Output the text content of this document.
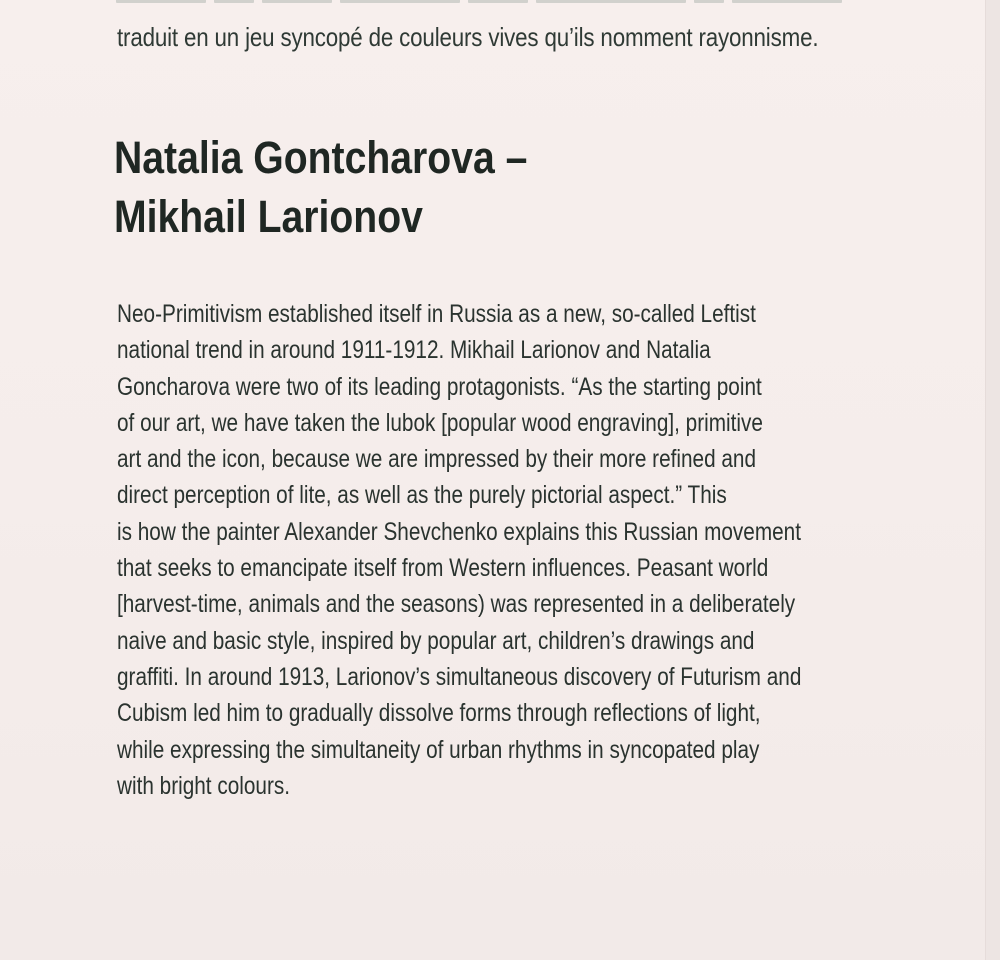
traduit en un jeu syncopé de couleurs vives qu’ils nomment rayonnisme.
Natalia Gontcharova –
Mikhail Larionov
Neo-Primitivism established itself in Russia as a new, so-called Leftist
national trend in around 1911-1912. Mikhail Larionov and Natalia
Goncharova were two of its leading protagonists. “As the starting point
of our art, we have taken the lubok [popular wood engraving], primitive
art and the icon, because we are impressed by their more refined and
direct perception of lite, as well as the purely pictorial aspect.” This
is how the painter Alexander Shevchenko explains this Russian movement
that seeks to emancipate itself from Western influences. Peasant world
[harvest-time, animals and the seasons) was represented in a deliberately
naive and basic style, inspired by popular art, children’s drawings and
graffiti. In around 1913, Larionov’s simultaneous discovery of Futurism and
Cubism led him to gradually dissolve forms through reflections of light,
while expressing the simultaneity of urban rhythms in syncopated play
with bright colours.
